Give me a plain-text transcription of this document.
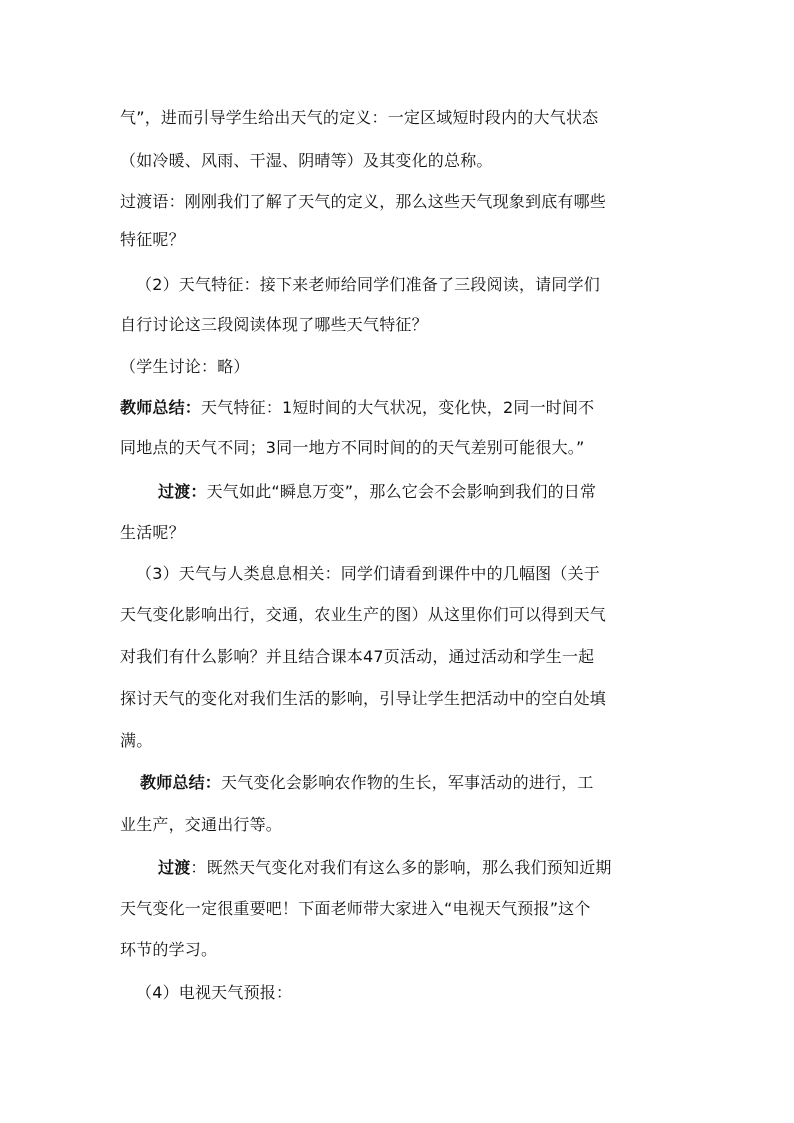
气”，进而引导学生给出天气的定义：一定区域短时段内的大气状态
（如冷暖、风雨、干湿、阴晴等）及其变化的总称。
过渡语：刚刚我们了解了天气的定义，那么这些天气现象到底有哪些
特征呢？
（2）天气特征：接下来老师给同学们准备了三段阅读，请同学们
自行讨论这三段阅读体现了哪些天气特征？
（学生讨论：略）
教师总结：天气特征：1短时间的大气状况，变化快，2同一时间不
同地点的天气不同；3同一地方不同时间的的天气差别可能很大。”
过渡：天气如此“瞬息万变”，那么它会不会影响到我们的日常
生活呢？
（3）天气与人类息息相关：同学们请看到课件中的几幅图（关于
天气变化影响出行，交通，农业生产的图）从这里你们可以得到天气
对我们有什么影响？并且结合课本47页活动，通过活动和学生一起
探讨天气的变化对我们生活的影响，引导让学生把活动中的空白处填
满。
教师总结：天气变化会影响农作物的生长，军事活动的进行，工
业生产，交通出行等。
过渡：既然天气变化对我们有这么多的影响，那么我们预知近期
天气变化一定很重要吧！下面老师带大家进入“电视天气预报”这个
环节的学习。
（4）电视天气预报：
